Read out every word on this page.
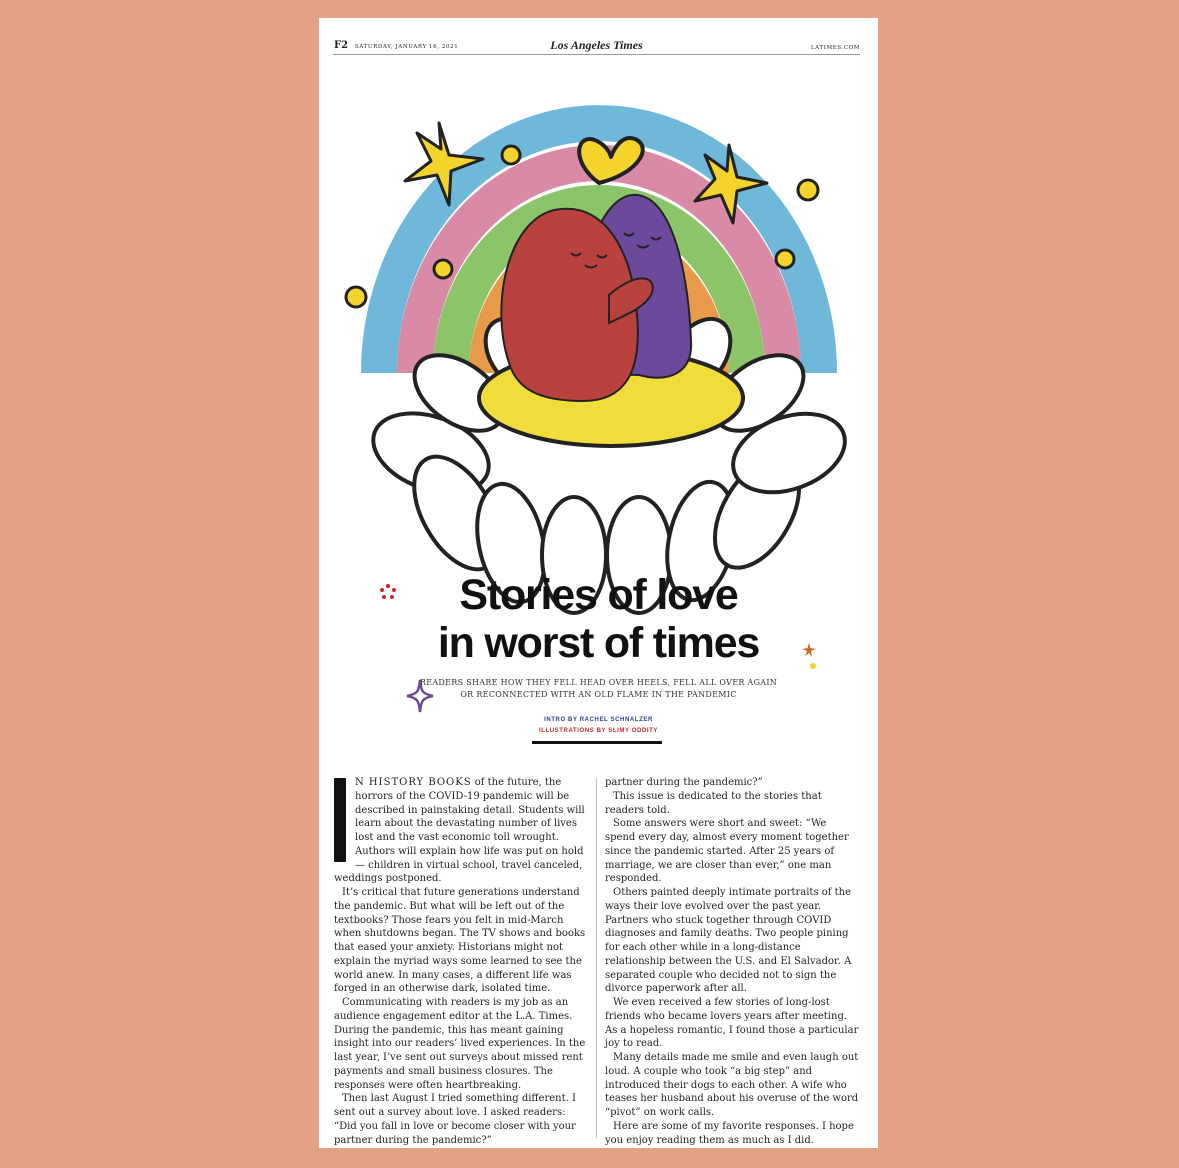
F2 SATURDAY, JANUARY 16, 2021	Los Angeles Times	LATIMES.COM
Stories of love
in worst of times
READERS SHARE HOW THEY FELL HEAD OVER HEELS, FELL ALL OVER AGAIN
OR RECONNECTED WITH AN OLD FLAME IN THE PANDEMIC
INTRO BY RACHEL SCHNALZER
ILLUSTRATIONS BY SLIMY ODDITY

N HISTORY BOOKS of the future, the horrors of the COVID-19 pandemic will be described in painstaking detail. Students will learn about the devastating number of lives lost and the vast economic toll wrought. Authors will explain how life was put on hold — children in virtual school, travel canceled, weddings postponed.

It’s critical that future generations understand the pandemic. But what will be left out of the textbooks? Those fears you felt in mid-March when shutdowns began. The TV shows and books that eased your anxiety. Historians might not explain the myriad ways some learned to see the world anew. In many cases, a different life was forged in an otherwise dark, isolated time.

Communicating with readers is my job as an audience engagement editor at the L.A. Times. During the pandemic, this has meant gaining insight into our readers’ lived experiences. In the last year, I’ve sent out surveys about missed rent payments and small business closures. The responses were often heartbreaking.

Then last August I tried something different. I sent out a survey about love. I asked readers: “Did you fall in love or become closer with your partner during the pandemic?”

partner during the pandemic?”

This issue is dedicated to the stories that readers told.

Some answers were short and sweet: “We spend every day, almost every moment together since the pandemic started. After 25 years of marriage, we are closer than ever,” one man responded.

Others painted deeply intimate portraits of the ways their love evolved over the past year. Partners who stuck together through COVID diagnoses and family deaths. Two people pining for each other while in a long-distance relationship between the U.S. and El Salvador. A separated couple who decided not to sign the divorce paperwork after all.

We even received a few stories of long-lost friends who became lovers years after meeting. As a hopeless romantic, I found those a particular joy to read.

Many details made me smile and even laugh out loud. A couple who took “a big step” and introduced their dogs to each other. A wife who teases her husband about his overuse of the word “pivot” on work calls.

Here are some of my favorite responses. I hope you enjoy reading them as much as I did.
